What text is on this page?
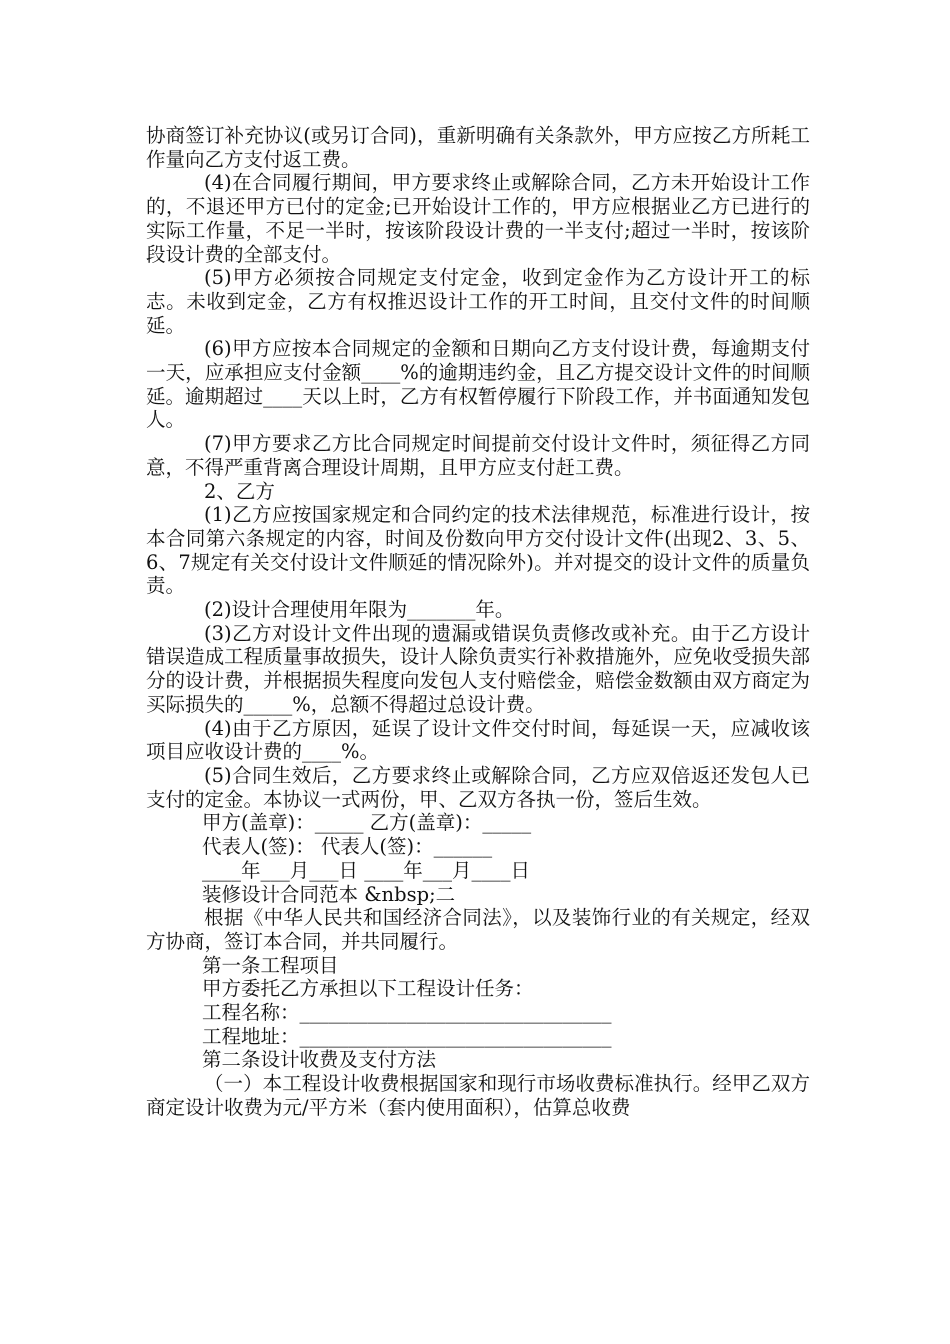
协商签订补充协议(或另订合同)，重新明确有关条款外，甲方应按乙方所耗工作量向乙方支付返工费。

(4)在合同履行期间，甲方要求终止或解除合同，乙方未开始设计工作的，不退还甲方已付的定金;已开始设计工作的，甲方应根据业乙方已进行的实际工作量，不足一半时，按该阶段设计费的一半支付;超过一半时，按该阶段设计费的全部支付。

(5)甲方必须按合同规定支付定金，收到定金作为乙方设计开工的标志。未收到定金，乙方有权推迟设计工作的开工时间，且交付文件的时间顺延。

(6)甲方应按本合同规定的金额和日期向乙方支付设计费，每逾期支付一天，应承担应支付金额____%的逾期违约金，且乙方提交设计文件的时间顺延。逾期超过____天以上时，乙方有权暂停履行下阶段工作，并书面通知发包人。

(7)甲方要求乙方比合同规定时间提前交付设计文件时，须征得乙方同意，不得严重背离合理设计周期，且甲方应支付赶工费。

2、乙方

(1)乙方应按国家规定和合同约定的技术法律规范，标准进行设计，按本合同第六条规定的内容，时间及份数向甲方交付设计文件(出现2、3、5、6、7规定有关交付设计文件顺延的情况除外)。并对提交的设计文件的质量负责。

(2)设计合理使用年限为_______年。

(3)乙方对设计文件出现的遗漏或错误负责修改或补充。由于乙方设计错误造成工程质量事故损失，设计人除负责实行补救措施外，应免收受损失部分的设计费，并根据损失程度向发包人支付赔偿金，赔偿金数额由双方商定为买际损失的_____%，总额不得超过总设计费。

(4)由于乙方原因，延误了设计文件交付时间，每延误一天，应减收该项目应收设计费的____%。

(5)合同生效后，乙方要求终止或解除合同，乙方应双倍返还发包人已支付的定金。本协议一式两份，甲、乙双方各执一份，签后生效。

甲方(盖章)：_____ 乙方(盖章)：_____

代表人(签)： 代表人(签)：______

____年___月___日 ____年___月____日

装修设计合同范本 &nbsp;二

根据《中华人民共和国经济合同法》，以及装饰行业的有关规定，经双方协商，签订本合同，并共同履行。

第一条工程项目

甲方委托乙方承担以下工程设计任务：

工程名称：________________________________

工程地址：________________________________

第二条设计收费及支付方法

（一）本工程设计收费根据国家和现行市场收费标准执行。经甲乙双方商定设计收费为元/平方米（套内使用面积），估算总收费
